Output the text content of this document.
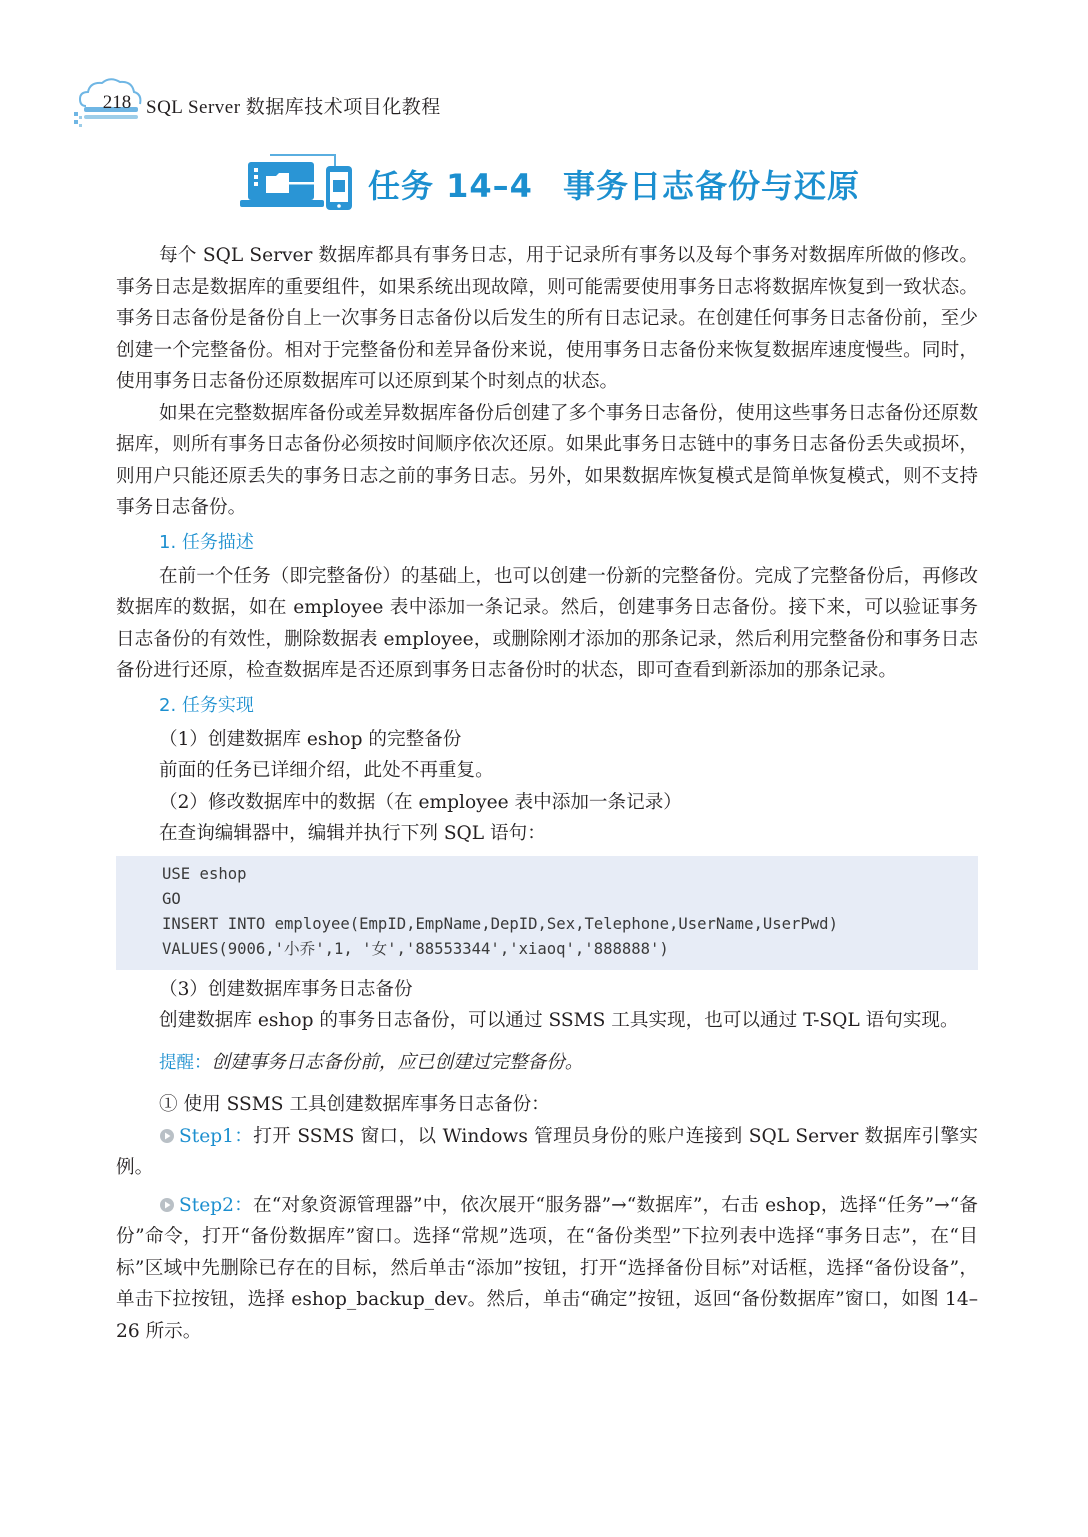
218 SQL Server 数据库技术项目化教程
任务 14–4 事务日志备份与还原

每个 SQL Server 数据库都具有事务日志，用于记录所有事务以及每个事务对数据库所做的修改。事务日志是数据库的重要组件，如果系统出现故障，则可能需要使用事务日志将数据库恢复到一致状态。事务日志备份是备份自上一次事务日志备份以后发生的所有日志记录。在创建任何事务日志备份前，至少创建一个完整备份。相对于完整备份和差异备份来说，使用事务日志备份来恢复数据库速度慢些。同时，使用事务日志备份还原数据库可以还原到某个时刻点的状态。

如果在完整数据库备份或差异数据库备份后创建了多个事务日志备份，使用这些事务日志备份还原数据库，则所有事务日志备份必须按时间顺序依次还原。如果此事务日志链中的事务日志备份丢失或损坏，则用户只能还原丢失的事务日志之前的事务日志。另外，如果数据库恢复模式是简单恢复模式，则不支持事务日志备份。

1. 任务描述

在前一个任务（即完整备份）的基础上，也可以创建一份新的完整备份。完成了完整备份后，再修改数据库的数据，如在 employee 表中添加一条记录。然后，创建事务日志备份。接下来，可以验证事务日志备份的有效性，删除数据表 employee，或删除刚才添加的那条记录，然后利用完整备份和事务日志备份进行还原，检查数据库是否还原到事务日志备份时的状态，即可查看到新添加的那条记录。

2. 任务实现

（1）创建数据库 eshop 的完整备份
前面的任务已详细介绍，此处不再重复。
（2）修改数据库中的数据（在 employee 表中添加一条记录）
在查询编辑器中，编辑并执行下列 SQL 语句：
USE eshop
GO
INSERT INTO employee(EmpID,EmpName,DepID,Sex,Telephone,UserName,UserPwd)
VALUES(9006,'小乔',1, '女','88553344','xiaoq','888888')
（3）创建数据库事务日志备份
创建数据库 eshop 的事务日志备份，可以通过 SSMS 工具实现，也可以通过 T-SQL 语句实现。
提醒：创建事务日志备份前，应已创建过完整备份。
① 使用 SSMS 工具创建数据库事务日志备份：

Step1：打开 SSMS 窗口，以 Windows 管理员身份的账户连接到 SQL Server 数据库引擎实例。

Step2：在“对象资源管理器”中，依次展开“服务器”→“数据库”，右击 eshop，选择“任务”→“备份”命令，打开“备份数据库”窗口。选择“常规”选项，在“备份类型”下拉列表中选择“事务日志”，在“目标”区域中先删除已存在的目标，然后单击“添加”按钮，打开“选择备份目标”对话框，选择“备份设备”，单击下拉按钮，选择 eshop_backup_dev。然后，单击“确定”按钮，返回“备份数据库”窗口，如图 14–26 所示。
